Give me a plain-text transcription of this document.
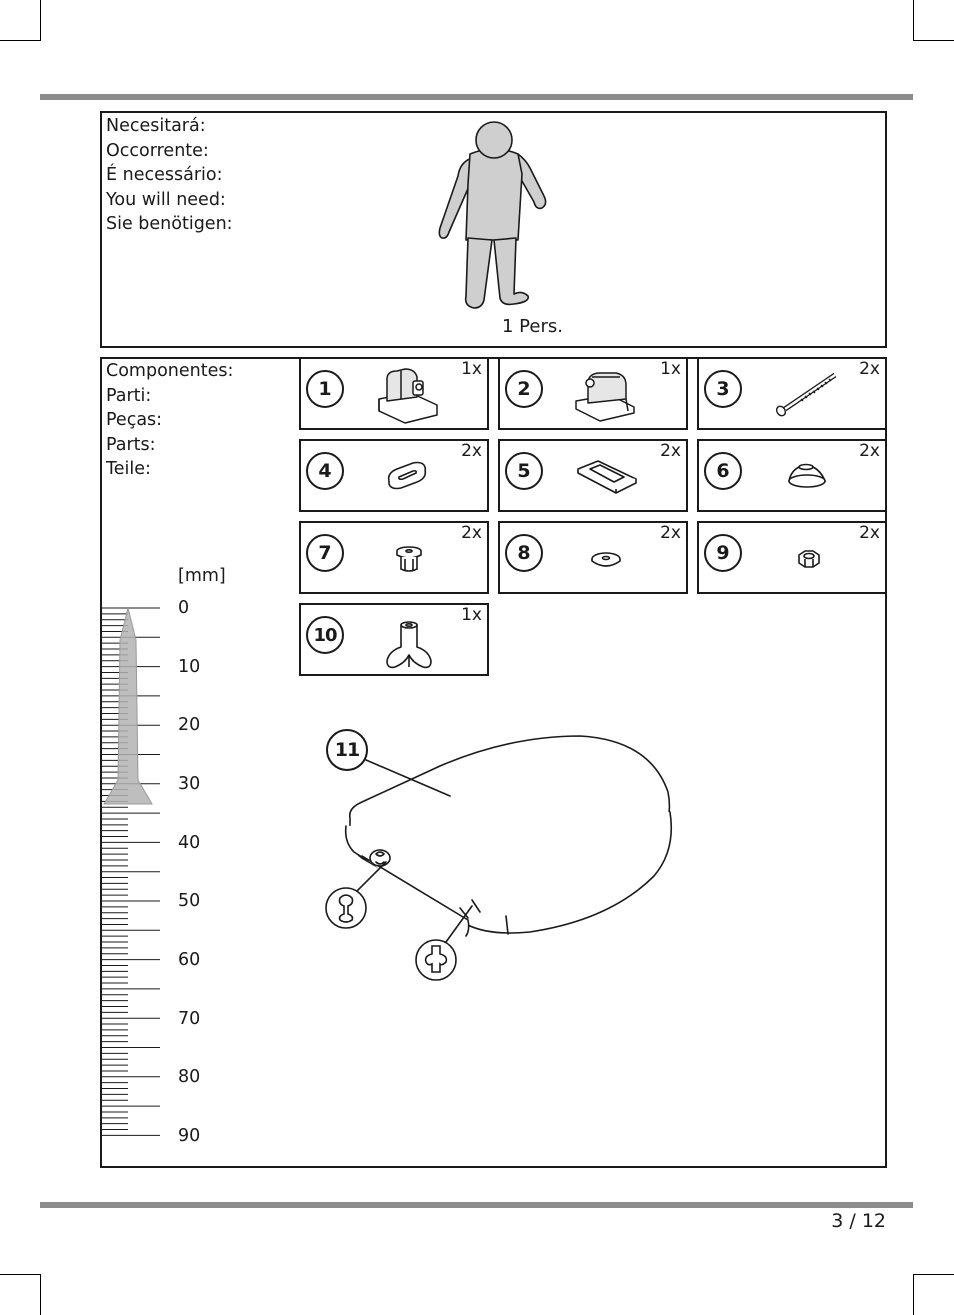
Necesitará:
Occorrente:
É necessário:
You will need:
Sie benötigen:
1 Pers.
Componentes:
Parti:
Peças:
Parts:
Teile:
1
1x
2
1x
3
2x
4
2x
5
2x
6
2x
7
2x
8
2x
9
2x
10
1x
11
[mm]
0
10
20
30
40
50
60
70
80
90
3 / 12
